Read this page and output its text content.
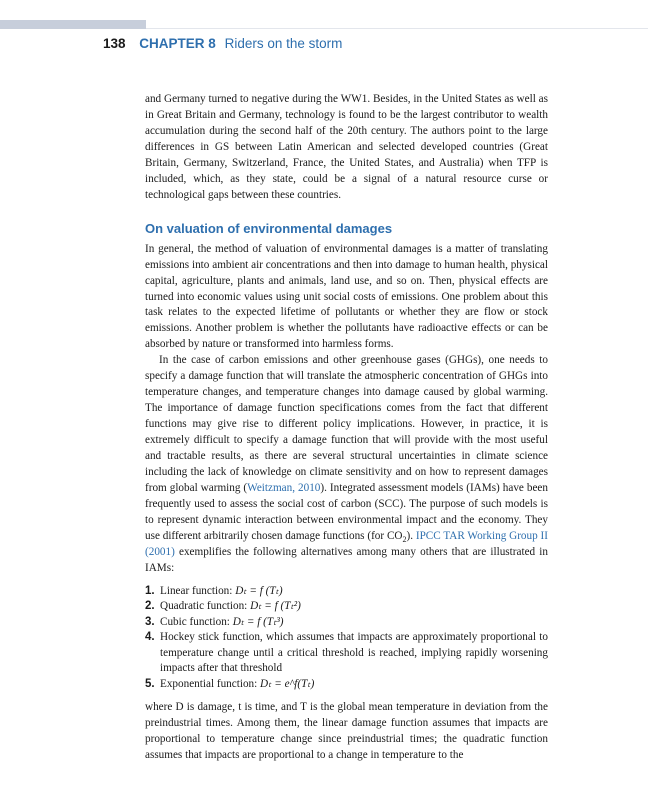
138 CHAPTER 8 Riders on the storm

and Germany turned to negative during the WW1. Besides, in the United States as well as in Great Britain and Germany, technology is found to be the largest contributor to wealth accumulation during the second half of the 20th century. The authors point to the large differences in GS between Latin American and selected developed countries (Great Britain, Germany, Switzerland, France, the United States, and Australia) when TFP is included, which, as they state, could be a signal of a natural resource curse or technological gaps between these countries.

On valuation of environmental damages

In general, the method of valuation of environmental damages is a matter of translating emissions into ambient air concentrations and then into damage to human health, physical capital, agriculture, plants and animals, land use, and so on. Then, physical effects are turned into economic values using unit social costs of emissions. One problem about this task relates to the expected lifetime of pollutants or whether they are flow or stock emissions. Another problem is whether the pollutants have radioactive effects or can be absorbed by nature or transformed into harmless forms.

In the case of carbon emissions and other greenhouse gases (GHGs), one needs to specify a damage function that will translate the atmospheric concentration of GHGs into temperature changes, and temperature changes into damage caused by global warming. The importance of damage function specifications comes from the fact that different functions may give rise to different policy implications. However, in practice, it is extremely difficult to specify a damage function that will provide with the most useful and tractable results, as there are several structural uncertainties in climate science including the lack of knowledge on climate sensitivity and on how to represent damages from global warming (Weitzman, 2010). Integrated assessment models (IAMs) have been frequently used to assess the social cost of carbon (SCC). The purpose of such models is to represent dynamic interaction between environmental impact and the economy. They use different arbitrarily chosen damage functions (for $CO_2$). IPCC TAR Working Group II (2001) exemplifies the following alternatives among many others that are illustrated in IAMs:

1. Linear function: Dₜ = f (Tₜ)
2. Quadratic function: Dₜ = f (Tₜ²)
3. Cubic function: Dₜ = f (Tₜ³)
4. Hockey stick function, which assumes that impacts are approximately proportional to temperature change until a critical threshold is reached, implying rapidly worsening impacts after that threshold
5. Exponential function: Dₜ = e^f(Tₜ)

where D is damage, t is time, and T is the global mean temperature in deviation from the preindustrial times. Among them, the linear damage function assumes that impacts are proportional to temperature change since preindustrial times; the quadratic function assumes that impacts are proportional to a change in temperature to the
